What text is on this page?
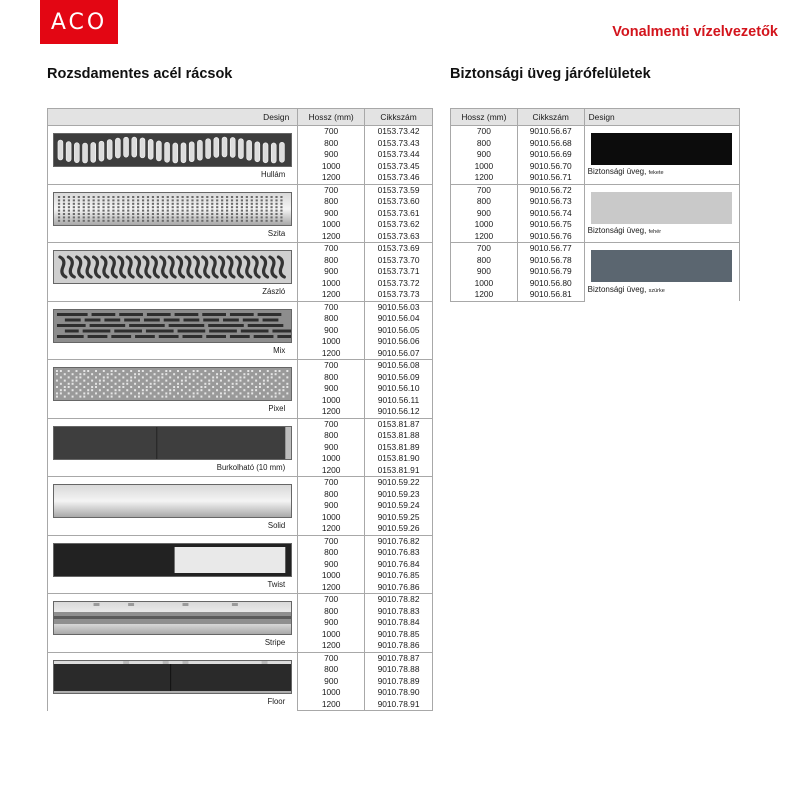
ACO	Vonalmenti vízelvezetők
Rozsdamentes acél rácsok	Biztonsági üveg járófelületek
Design	Hossz (mm)	Cikkszám

Hullám	700	0153.73.42
	800	0153.73.43
	900	0153.73.44
	1000	0153.73.45
	1200	0153.73.46

Szita	700	0153.73.59
	800	0153.73.60
	900	0153.73.61
	1000	0153.73.62
	1200	0153.73.63

Zászló	700	0153.73.69
	800	0153.73.70
	900	0153.73.71
	1000	0153.73.72
	1200	0153.73.73

Mix	700	9010.56.03
	800	9010.56.04
	900	9010.56.05
	1000	9010.56.06
	1200	9010.56.07

Pixel	700	9010.56.08
	800	9010.56.09
	900	9010.56.10
	1000	9010.56.11
	1200	9010.56.12

Burkolható (10 mm)	700	0153.81.87
	800	0153.81.88
	900	0153.81.89
	1000	0153.81.90
	1200	0153.81.91

Solid	700	9010.59.22
	800	9010.59.23
	900	9010.59.24
	1000	9010.59.25
	1200	9010.59.26

Twist	700	9010.76.82
	800	9010.76.83
	900	9010.76.84
	1000	9010.76.85
	1200	9010.76.86

Stripe	700	9010.78.82
	800	9010.78.83
	900	9010.78.84
	1000	9010.78.85
	1200	9010.78.86

Floor	700	9010.78.87
	800	9010.78.88
	900	9010.78.89
	1000	9010.78.90
	1200	9010.78.91
Hossz (mm)	Cikkszám	Design
700	9010.56.67	Biztonsági üveg, fekete

800	9010.56.68	
900	9010.56.69	
1000	9010.56.70	
1200	9010.56.71	
700	9010.56.72	Biztonsági üveg, fehér

800	9010.56.73	
900	9010.56.74	
1000	9010.56.75	
1200	9010.56.76	
700	9010.56.77	Biztonsági üveg, szürke

800	9010.56.78	
900	9010.56.79	
1000	9010.56.80	
1200	9010.56.81	
